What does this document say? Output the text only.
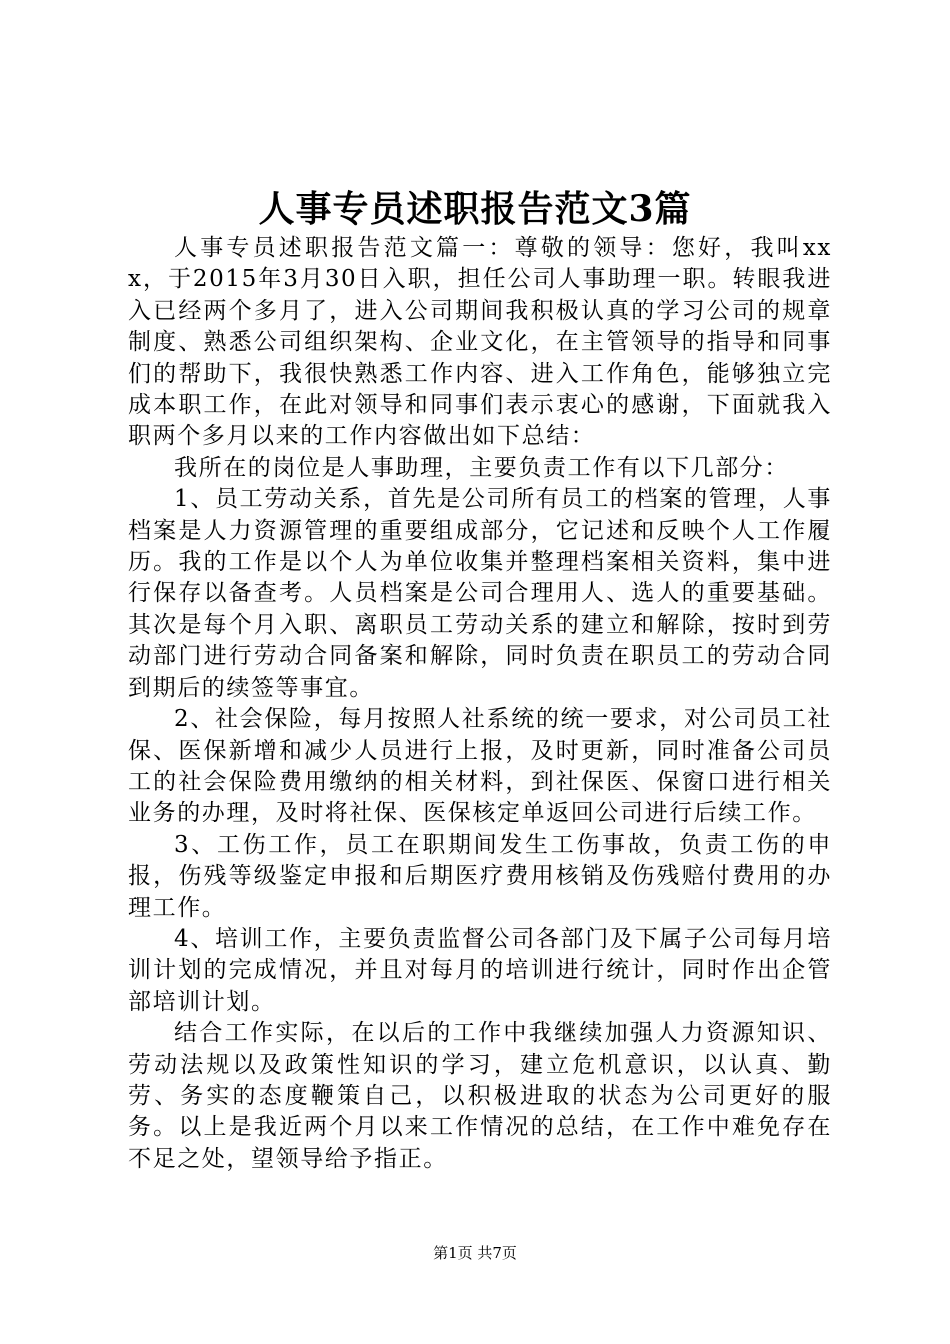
人事专员述职报告范文3篇

人事专员述职报告范文篇一：尊敬的领导：您好，我叫xxx，于2015年3月30日入职，担任公司人事助理一职。转眼我进入已经两个多月了，进入公司期间我积极认真的学习公司的规章制度、熟悉公司组织架构、企业文化，在主管领导的指导和同事们的帮助下，我很快熟悉工作内容、进入工作角色，能够独立完成本职工作，在此对领导和同事们表示衷心的感谢，下面就我入职两个多月以来的工作内容做出如下总结：

我所在的岗位是人事助理，主要负责工作有以下几部分：

1、员工劳动关系，首先是公司所有员工的档案的管理，人事档案是人力资源管理的重要组成部分，它记述和反映个人工作履历。我的工作是以个人为单位收集并整理档案相关资料，集中进行保存以备查考。人员档案是公司合理用人、选人的重要基础。其次是每个月入职、离职员工劳动关系的建立和解除，按时到劳动部门进行劳动合同备案和解除，同时负责在职员工的劳动合同到期后的续签等事宜。

2、社会保险，每月按照人社系统的统一要求，对公司员工社保、医保新增和减少人员进行上报，及时更新，同时准备公司员工的社会保险费用缴纳的相关材料，到社保医、保窗口进行相关业务的办理，及时将社保、医保核定单返回公司进行后续工作。

3、工伤工作，员工在职期间发生工伤事故，负责工伤的申报，伤残等级鉴定申报和后期医疗费用核销及伤残赔付费用的办理工作。

4、培训工作，主要负责监督公司各部门及下属子公司每月培训计划的完成情况，并且对每月的培训进行统计，同时作出企管部培训计划。

结合工作实际，在以后的工作中我继续加强人力资源知识、劳动法规以及政策性知识的学习，建立危机意识，以认真、勤劳、务实的态度鞭策自己，以积极进取的状态为公司更好的服务。以上是我近两个月以来工作情况的总结，在工作中难免存在不足之处，望领导给予指正。

第1页 共7页
